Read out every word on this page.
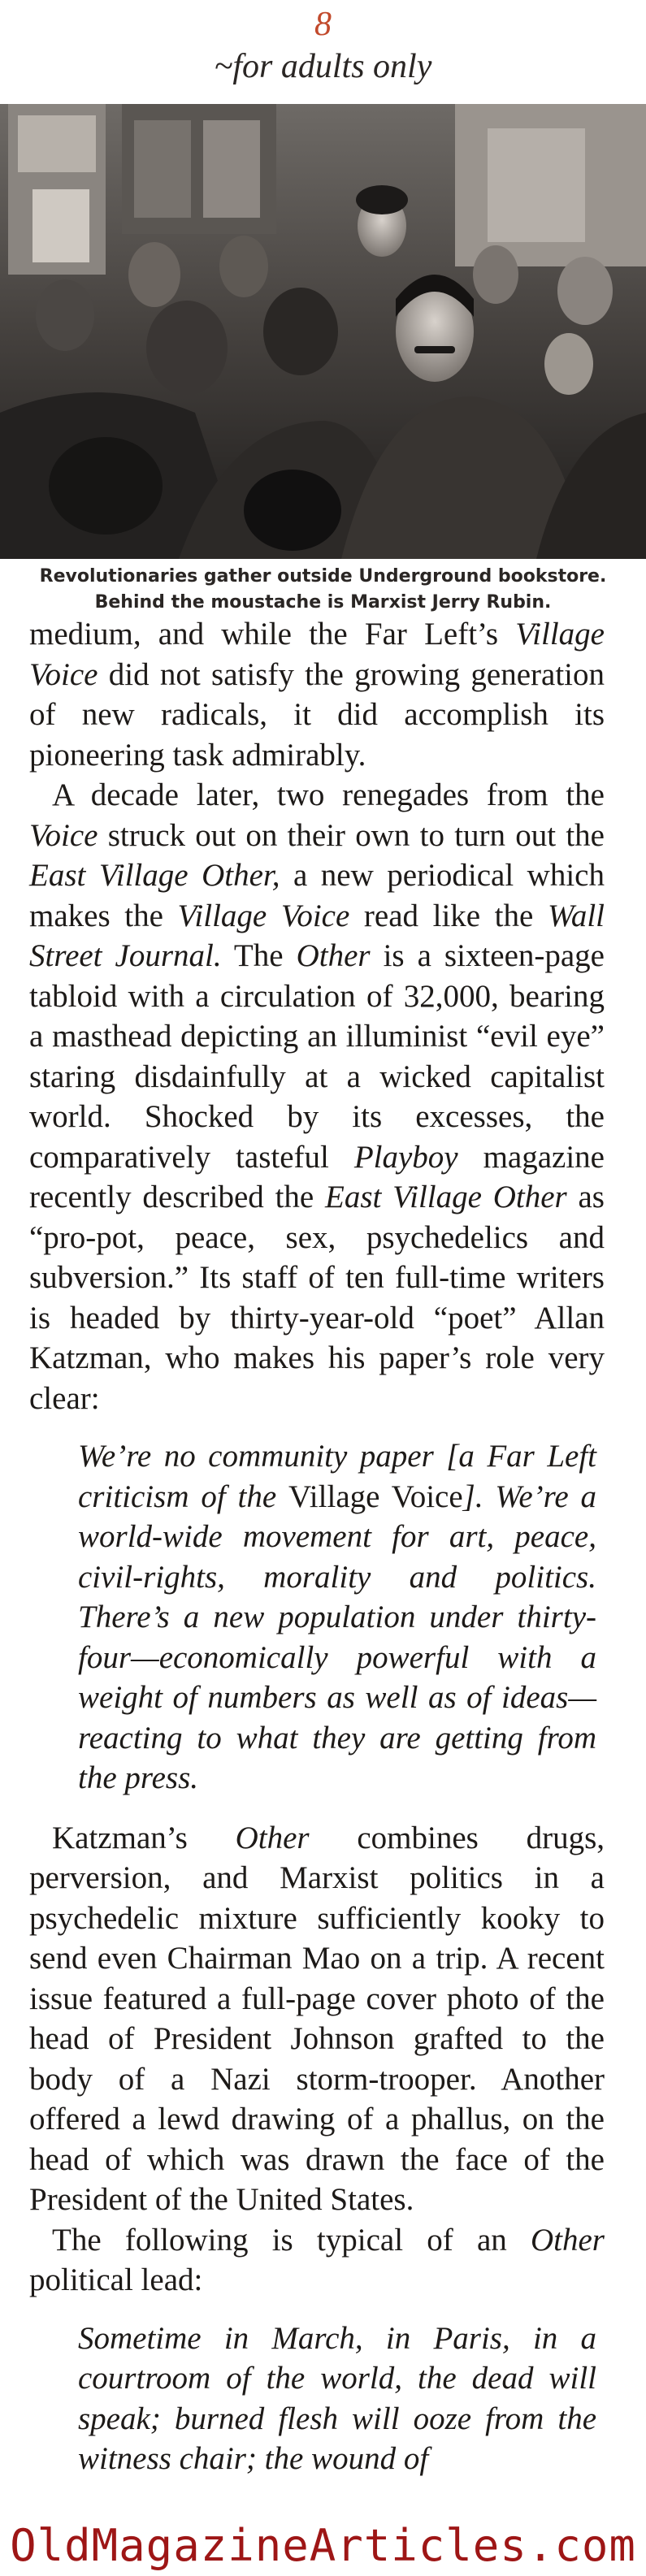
8
~for adults only
Revolutionaries gather outside Underground bookstore.
Behind the moustache is Marxist Jerry Rubin.

medium, and while the Far Left’s Village Voice did not satisfy the growing generation of new radicals, it did accomplish its pioneering task admirably.

A decade later, two renegades from the Voice struck out on their own to turn out the East Village Other, a new periodical which makes the Village Voice read like the Wall Street Journal. The Other is a sixteen-page tabloid with a circulation of 32,000, bearing a masthead depicting an illuminist “evil eye” staring disdainfully at a wicked capitalist world. Shocked by its excesses, the comparatively tasteful Playboy magazine recently described the East Village Other as “pro-pot, peace, sex, psychedelics and subversion.” Its staff of ten full-time writers is headed by thirty-year-old “poet” Allan Katzman, who makes his paper’s role very clear:

We’re no community paper [a Far Left criticism of the Village Voice]. We’re a world-wide movement for art, peace, civil-rights, morality and politics. There’s a new population under thirty-four—economically powerful with a weight of numbers as well as of ideas—reacting to what they are getting from the press.

Katzman’s Other combines drugs, perversion, and Marxist politics in a psychedelic mixture sufficiently kooky to send even Chairman Mao on a trip. A recent issue featured a full-page cover photo of the head of President Johnson grafted to the body of a Nazi storm-trooper. Another offered a lewd drawing of a phallus, on the head of which was drawn the face of the President of the United States.

The following is typical of an Other political lead:

Sometime in March, in Paris, in a courtroom of the world, the dead will speak; burned flesh will ooze from the witness chair; the wound of

OldMagazineArticles.com
